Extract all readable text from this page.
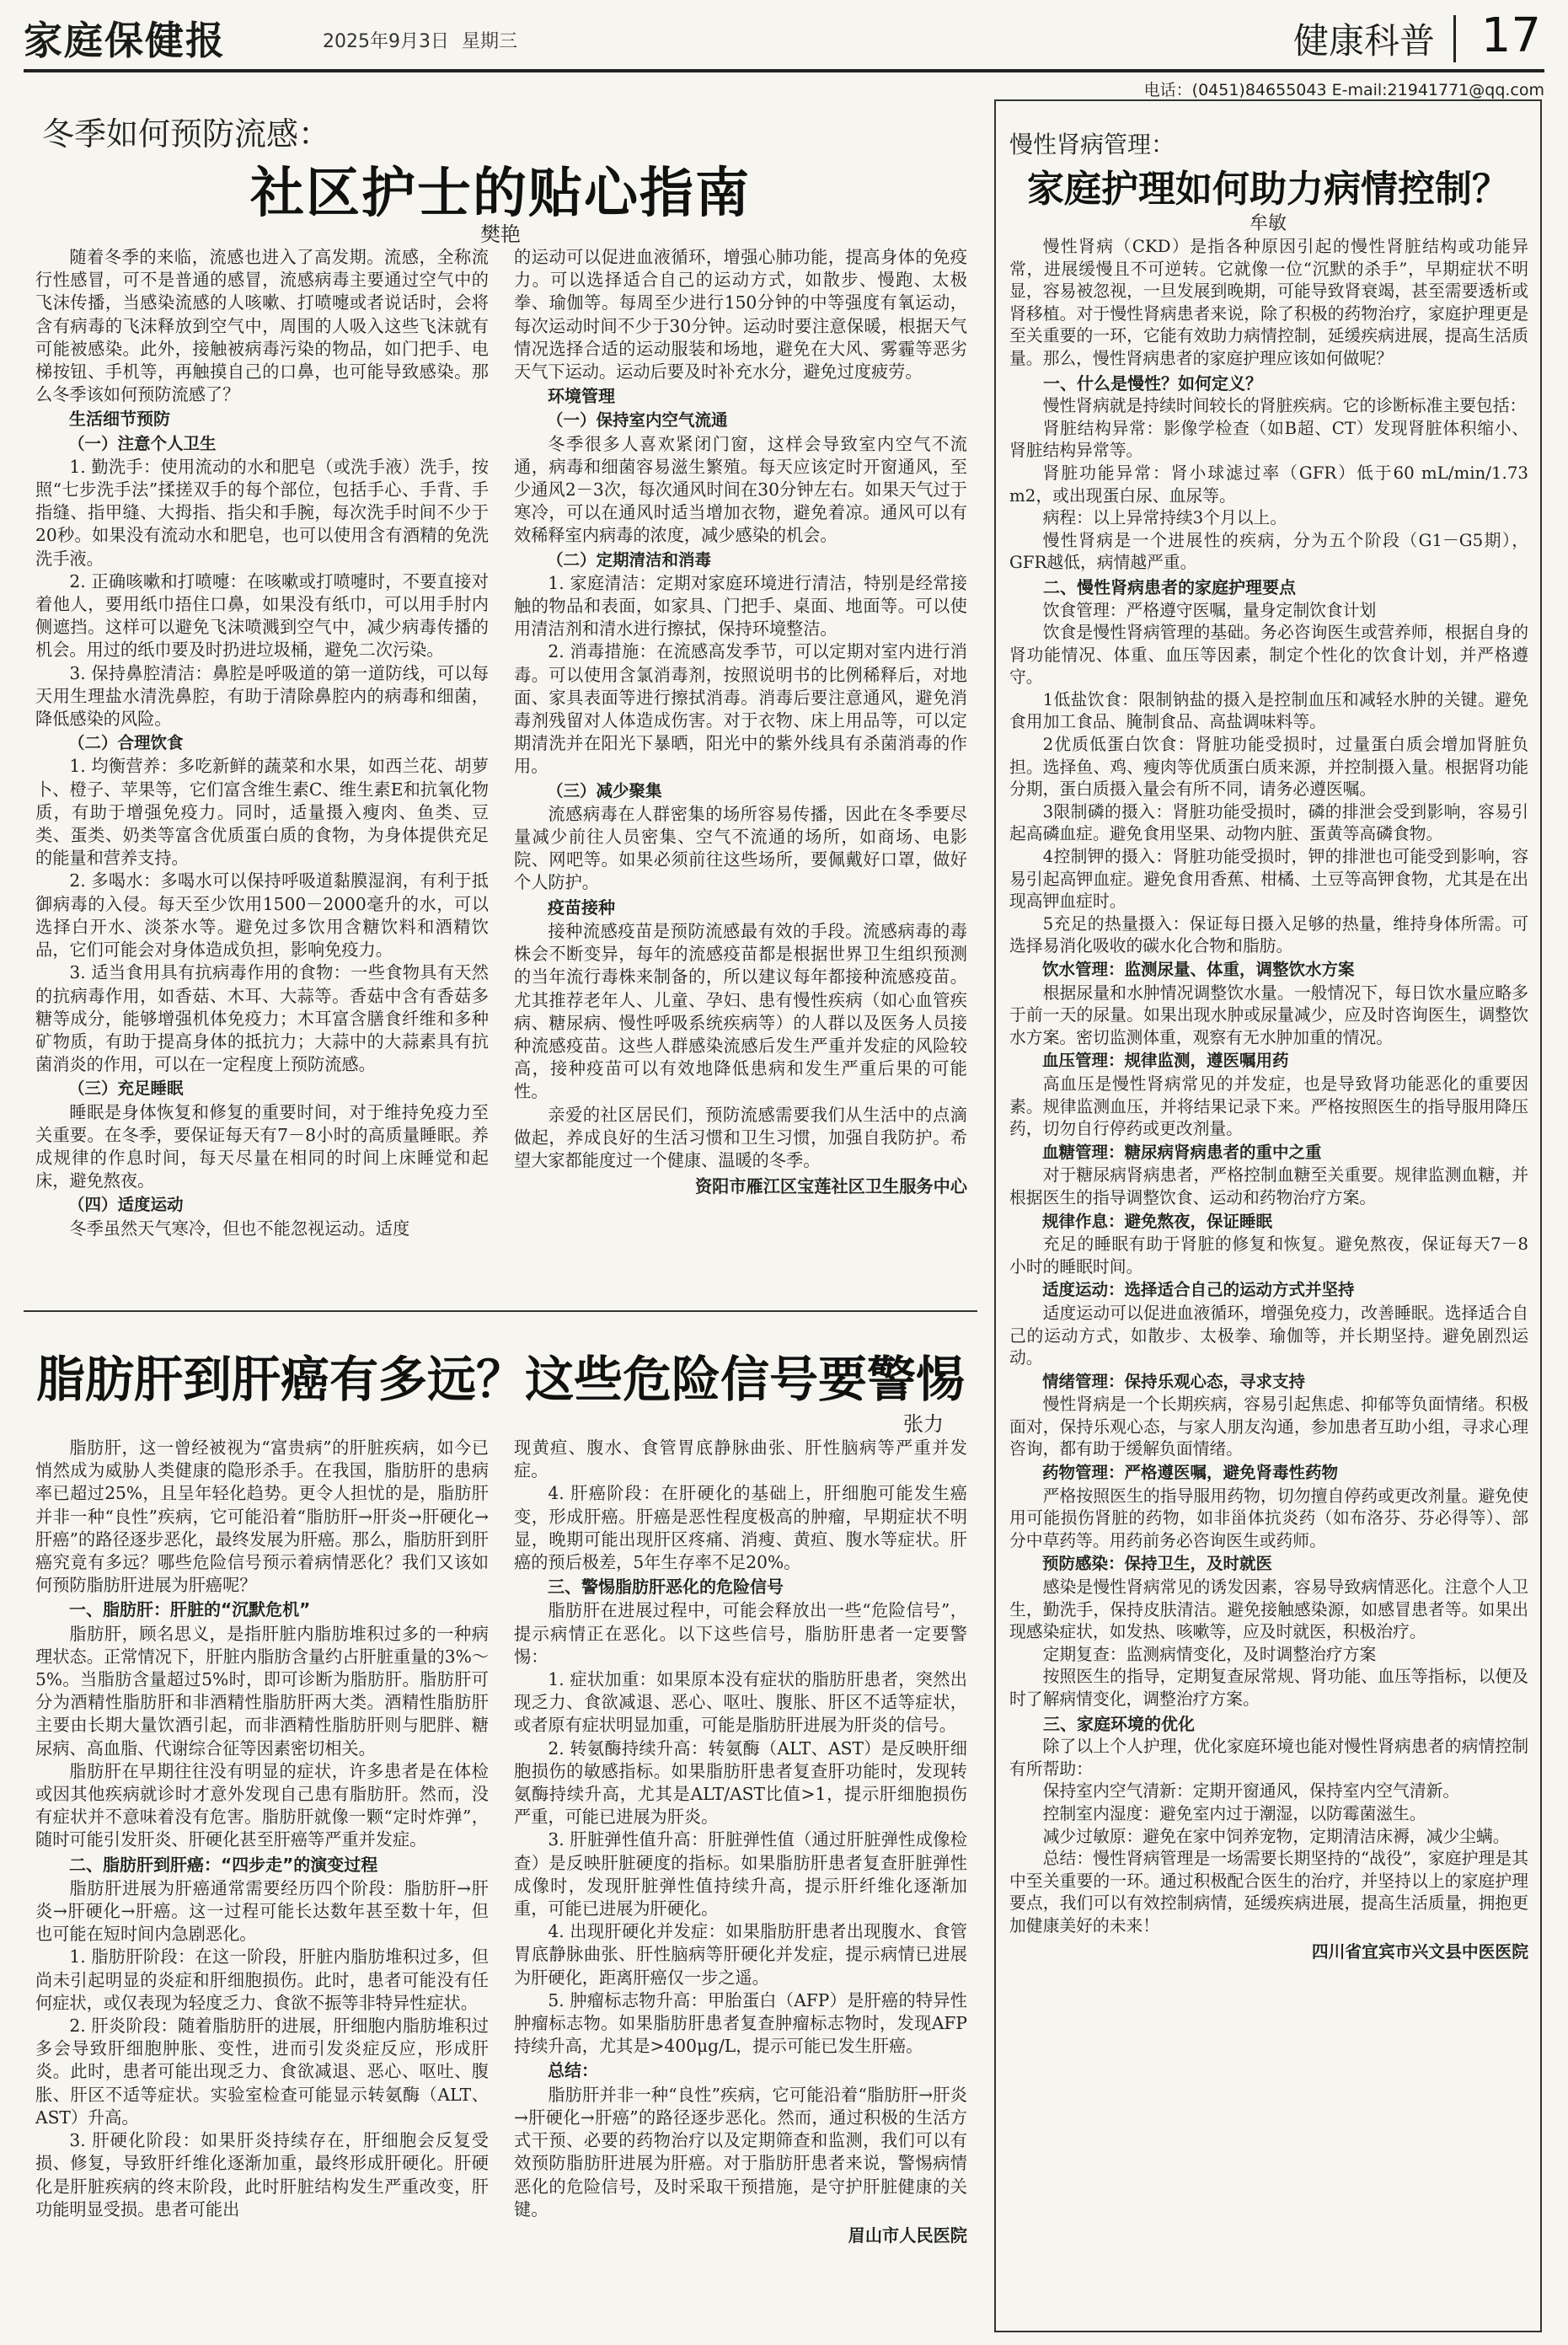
家庭保健报	2025年9月3日 星期三	健康科普 17
电话：(0451)84655043 E-mail:21941771@qq.com
冬季如何预防流感：
社区护士的贴心指南
樊艳

随着冬季的来临，流感也进入了高发期。流感，全称流行性感冒，可不是普通的感冒，流感病毒主要通过空气中的飞沫传播，当感染流感的人咳嗽、打喷嚏或者说话时，会将含有病毒的飞沫释放到空气中，周围的人吸入这些飞沫就有可能被感染。此外，接触被病毒污染的物品，如门把手、电梯按钮、手机等，再触摸自己的口鼻，也可能导致感染。那么冬季该如何预防流感了？

生活细节预防
（一）注意个人卫生

1. 勤洗手：使用流动的水和肥皂（或洗手液）洗手，按照“七步洗手法”揉搓双手的每个部位，包括手心、手背、手指缝、指甲缝、大拇指、指尖和手腕，每次洗手时间不少于20秒。如果没有流动水和肥皂，也可以使用含有酒精的免洗洗手液。

2. 正确咳嗽和打喷嚏：在咳嗽或打喷嚏时，不要直接对着他人，要用纸巾捂住口鼻，如果没有纸巾，可以用手肘内侧遮挡。这样可以避免飞沫喷溅到空气中，减少病毒传播的机会。用过的纸巾要及时扔进垃圾桶，避免二次污染。

3. 保持鼻腔清洁：鼻腔是呼吸道的第一道防线，可以每天用生理盐水清洗鼻腔，有助于清除鼻腔内的病毒和细菌，降低感染的风险。

（二）合理饮食

1. 均衡营养：多吃新鲜的蔬菜和水果，如西兰花、胡萝卜、橙子、苹果等，它们富含维生素C、维生素E和抗氧化物质，有助于增强免疫力。同时，适量摄入瘦肉、鱼类、豆类、蛋类、奶类等富含优质蛋白质的食物，为身体提供充足的能量和营养支持。

2. 多喝水：多喝水可以保持呼吸道黏膜湿润，有利于抵御病毒的入侵。每天至少饮用1500－2000毫升的水，可以选择白开水、淡茶水等。避免过多饮用含糖饮料和酒精饮品，它们可能会对身体造成负担，影响免疫力。

3. 适当食用具有抗病毒作用的食物：一些食物具有天然的抗病毒作用，如香菇、木耳、大蒜等。香菇中含有香菇多糖等成分，能够增强机体免疫力；木耳富含膳食纤维和多种矿物质，有助于提高身体的抵抗力；大蒜中的大蒜素具有抗菌消炎的作用，可以在一定程度上预防流感。

（三）充足睡眠

睡眠是身体恢复和修复的重要时间，对于维持免疫力至关重要。在冬季，要保证每天有7－8小时的高质量睡眠。养成规律的作息时间，每天尽量在相同的时间上床睡觉和起床，避免熬夜。

（四）适度运动

冬季虽然天气寒冷，但也不能忽视运动。适度

的运动可以促进血液循环，增强心肺功能，提高身体的免疫力。可以选择适合自己的运动方式，如散步、慢跑、太极拳、瑜伽等。每周至少进行150分钟的中等强度有氧运动，每次运动时间不少于30分钟。运动时要注意保暖，根据天气情况选择合适的运动服装和场地，避免在大风、雾霾等恶劣天气下运动。运动后要及时补充水分，避免过度疲劳。

环境管理
（一）保持室内空气流通

冬季很多人喜欢紧闭门窗，这样会导致室内空气不流通，病毒和细菌容易滋生繁殖。每天应该定时开窗通风，至少通风2－3次，每次通风时间在30分钟左右。如果天气过于寒冷，可以在通风时适当增加衣物，避免着凉。通风可以有效稀释室内病毒的浓度，减少感染的机会。

（二）定期清洁和消毒

1. 家庭清洁：定期对家庭环境进行清洁，特别是经常接触的物品和表面，如家具、门把手、桌面、地面等。可以使用清洁剂和清水进行擦拭，保持环境整洁。

2. 消毒措施：在流感高发季节，可以定期对室内进行消毒。可以使用含氯消毒剂，按照说明书的比例稀释后，对地面、家具表面等进行擦拭消毒。消毒后要注意通风，避免消毒剂残留对人体造成伤害。对于衣物、床上用品等，可以定期清洗并在阳光下暴晒，阳光中的紫外线具有杀菌消毒的作用。

（三）减少聚集

流感病毒在人群密集的场所容易传播，因此在冬季要尽量减少前往人员密集、空气不流通的场所，如商场、电影院、网吧等。如果必须前往这些场所，要佩戴好口罩，做好个人防护。

疫苗接种

接种流感疫苗是预防流感最有效的手段。流感病毒的毒株会不断变异，每年的流感疫苗都是根据世界卫生组织预测的当年流行毒株来制备的，所以建议每年都接种流感疫苗。尤其推荐老年人、儿童、孕妇、患有慢性疾病（如心血管疾病、糖尿病、慢性呼吸系统疾病等）的人群以及医务人员接种流感疫苗。这些人群感染流感后发生严重并发症的风险较高，接种疫苗可以有效地降低患病和发生严重后果的可能性。

亲爱的社区居民们，预防流感需要我们从生活中的点滴做起，养成良好的生活习惯和卫生习惯，加强自我防护。希望大家都能度过一个健康、温暖的冬季。

资阳市雁江区宝莲社区卫生服务中心

脂肪肝到肝癌有多远？这些危险信号要警惕
张力

脂肪肝，这一曾经被视为“富贵病”的肝脏疾病，如今已悄然成为威胁人类健康的隐形杀手。在我国，脂肪肝的患病率已超过25%，且呈年轻化趋势。更令人担忧的是，脂肪肝并非一种“良性”疾病，它可能沿着“脂肪肝→肝炎→肝硬化→肝癌”的路径逐步恶化，最终发展为肝癌。那么，脂肪肝到肝癌究竟有多远？哪些危险信号预示着病情恶化？我们又该如何预防脂肪肝进展为肝癌呢？

一、脂肪肝：肝脏的“沉默危机”

脂肪肝，顾名思义，是指肝脏内脂肪堆积过多的一种病理状态。正常情况下，肝脏内脂肪含量约占肝脏重量的3%～5%。当脂肪含量超过5%时，即可诊断为脂肪肝。脂肪肝可分为酒精性脂肪肝和非酒精性脂肪肝两大类。酒精性脂肪肝主要由长期大量饮酒引起，而非酒精性脂肪肝则与肥胖、糖尿病、高血脂、代谢综合征等因素密切相关。

脂肪肝在早期往往没有明显的症状，许多患者是在体检或因其他疾病就诊时才意外发现自己患有脂肪肝。然而，没有症状并不意味着没有危害。脂肪肝就像一颗“定时炸弹”，随时可能引发肝炎、肝硬化甚至肝癌等严重并发症。

二、脂肪肝到肝癌：“四步走”的演变过程

脂肪肝进展为肝癌通常需要经历四个阶段：脂肪肝→肝炎→肝硬化→肝癌。这一过程可能长达数年甚至数十年，但也可能在短时间内急剧恶化。

1. 脂肪肝阶段：在这一阶段，肝脏内脂肪堆积过多，但尚未引起明显的炎症和肝细胞损伤。此时，患者可能没有任何症状，或仅表现为轻度乏力、食欲不振等非特异性症状。

2. 肝炎阶段：随着脂肪肝的进展，肝细胞内脂肪堆积过多会导致肝细胞肿胀、变性，进而引发炎症反应，形成肝炎。此时，患者可能出现乏力、食欲减退、恶心、呕吐、腹胀、肝区不适等症状。实验室检查可能显示转氨酶（ALT、AST）升高。

3. 肝硬化阶段：如果肝炎持续存在，肝细胞会反复受损、修复，导致肝纤维化逐渐加重，最终形成肝硬化。肝硬化是肝脏疾病的终末阶段，此时肝脏结构发生严重改变，肝功能明显受损。患者可能出

现黄疸、腹水、食管胃底静脉曲张、肝性脑病等严重并发症。

4. 肝癌阶段：在肝硬化的基础上，肝细胞可能发生癌变，形成肝癌。肝癌是恶性程度极高的肿瘤，早期症状不明显，晚期可能出现肝区疼痛、消瘦、黄疸、腹水等症状。肝癌的预后极差，5年生存率不足20%。

三、警惕脂肪肝恶化的危险信号

脂肪肝在进展过程中，可能会释放出一些“危险信号”，提示病情正在恶化。以下这些信号，脂肪肝患者一定要警惕：

1. 症状加重：如果原本没有症状的脂肪肝患者，突然出现乏力、食欲减退、恶心、呕吐、腹胀、肝区不适等症状，或者原有症状明显加重，可能是脂肪肝进展为肝炎的信号。

2. 转氨酶持续升高：转氨酶（ALT、AST）是反映肝细胞损伤的敏感指标。如果脂肪肝患者复查肝功能时，发现转氨酶持续升高，尤其是ALT/AST比值>1，提示肝细胞损伤严重，可能已进展为肝炎。

3. 肝脏弹性值升高：肝脏弹性值（通过肝脏弹性成像检查）是反映肝脏硬度的指标。如果脂肪肝患者复查肝脏弹性成像时，发现肝脏弹性值持续升高，提示肝纤维化逐渐加重，可能已进展为肝硬化。

4. 出现肝硬化并发症：如果脂肪肝患者出现腹水、食管胃底静脉曲张、肝性脑病等肝硬化并发症，提示病情已进展为肝硬化，距离肝癌仅一步之遥。

5. 肿瘤标志物升高：甲胎蛋白（AFP）是肝癌的特异性肿瘤标志物。如果脂肪肝患者复查肿瘤标志物时，发现AFP持续升高，尤其是>400μg/L，提示可能已发生肝癌。

总结：

脂肪肝并非一种“良性”疾病，它可能沿着“脂肪肝→肝炎→肝硬化→肝癌”的路径逐步恶化。然而，通过积极的生活方式干预、必要的药物治疗以及定期筛查和监测，我们可以有效预防脂肪肝进展为肝癌。对于脂肪肝患者来说，警惕病情恶化的危险信号，及时采取干预措施，是守护肝脏健康的关键。

眉山市人民医院

慢性肾病管理：
家庭护理如何助力病情控制？
牟敏

慢性肾病（CKD）是指各种原因引起的慢性肾脏结构或功能异常，进展缓慢且不可逆转。它就像一位“沉默的杀手”，早期症状不明显，容易被忽视，一旦发展到晚期，可能导致肾衰竭，甚至需要透析或肾移植。对于慢性肾病患者来说，除了积极的药物治疗，家庭护理更是至关重要的一环，它能有效助力病情控制，延缓疾病进展，提高生活质量。那么，慢性肾病患者的家庭护理应该如何做呢？

一、什么是慢性？如何定义？

慢性肾病就是持续时间较长的肾脏疾病。它的诊断标准主要包括：

肾脏结构异常：影像学检查（如B超、CT）发现肾脏体积缩小、肾脏结构异常等。

肾脏功能异常：肾小球滤过率（GFR）低于60 mL/min/1.73 m2，或出现蛋白尿、血尿等。

病程：以上异常持续3个月以上。

慢性肾病是一个进展性的疾病，分为五个阶段（G1－G5期），GFR越低，病情越严重。

二、慢性肾病患者的家庭护理要点

饮食管理：严格遵守医嘱，量身定制饮食计划

饮食是慢性肾病管理的基础。务必咨询医生或营养师，根据自身的肾功能情况、体重、血压等因素，制定个性化的饮食计划，并严格遵守。

1低盐饮食：限制钠盐的摄入是控制血压和减轻水肿的关键。避免食用加工食品、腌制食品、高盐调味料等。

2优质低蛋白饮食：肾脏功能受损时，过量蛋白质会增加肾脏负担。选择鱼、鸡、瘦肉等优质蛋白质来源，并控制摄入量。根据肾功能分期，蛋白质摄入量会有所不同，请务必遵医嘱。

3限制磷的摄入：肾脏功能受损时，磷的排泄会受到影响，容易引起高磷血症。避免食用坚果、动物内脏、蛋黄等高磷食物。

4控制钾的摄入：肾脏功能受损时，钾的排泄也可能受到影响，容易引起高钾血症。避免食用香蕉、柑橘、土豆等高钾食物，尤其是在出现高钾血症时。

5充足的热量摄入：保证每日摄入足够的热量，维持身体所需。可选择易消化吸收的碳水化合物和脂肪。

饮水管理：监测尿量、体重，调整饮水方案

根据尿量和水肿情况调整饮水量。一般情况下，每日饮水量应略多于前一天的尿量。如果出现水肿或尿量减少，应及时咨询医生，调整饮水方案。密切监测体重，观察有无水肿加重的情况。

血压管理：规律监测，遵医嘱用药

高血压是慢性肾病常见的并发症，也是导致肾功能恶化的重要因素。规律监测血压，并将结果记录下来。严格按照医生的指导服用降压药，切勿自行停药或更改剂量。

血糖管理：糖尿病肾病患者的重中之重

对于糖尿病肾病患者，严格控制血糖至关重要。规律监测血糖，并根据医生的指导调整饮食、运动和药物治疗方案。

规律作息：避免熬夜，保证睡眠

充足的睡眠有助于肾脏的修复和恢复。避免熬夜，保证每天7－8小时的睡眠时间。

适度运动：选择适合自己的运动方式并坚持

适度运动可以促进血液循环，增强免疫力，改善睡眠。选择适合自己的运动方式，如散步、太极拳、瑜伽等，并长期坚持。避免剧烈运动。

情绪管理：保持乐观心态，寻求支持

慢性肾病是一个长期疾病，容易引起焦虑、抑郁等负面情绪。积极面对，保持乐观心态，与家人朋友沟通，参加患者互助小组，寻求心理咨询，都有助于缓解负面情绪。

药物管理：严格遵医嘱，避免肾毒性药物

严格按照医生的指导服用药物，切勿擅自停药或更改剂量。避免使用可能损伤肾脏的药物，如非甾体抗炎药（如布洛芬、芬必得等）、部分中草药等。用药前务必咨询医生或药师。

预防感染：保持卫生，及时就医

感染是慢性肾病常见的诱发因素，容易导致病情恶化。注意个人卫生，勤洗手，保持皮肤清洁。避免接触感染源，如感冒患者等。如果出现感染症状，如发热、咳嗽等，应及时就医，积极治疗。

定期复查：监测病情变化，及时调整治疗方案

按照医生的指导，定期复查尿常规、肾功能、血压等指标，以便及时了解病情变化，调整治疗方案。

三、家庭环境的优化

除了以上个人护理，优化家庭环境也能对慢性肾病患者的病情控制有所帮助：

保持室内空气清新：定期开窗通风，保持室内空气清新。

控制室内湿度：避免室内过于潮湿，以防霉菌滋生。

减少过敏原：避免在家中饲养宠物，定期清洁床褥，减少尘螨。

总结：慢性肾病管理是一场需要长期坚持的“战役”，家庭护理是其中至关重要的一环。通过积极配合医生的治疗，并坚持以上的家庭护理要点，我们可以有效控制病情，延缓疾病进展，提高生活质量，拥抱更加健康美好的未来！

四川省宜宾市兴文县中医医院
